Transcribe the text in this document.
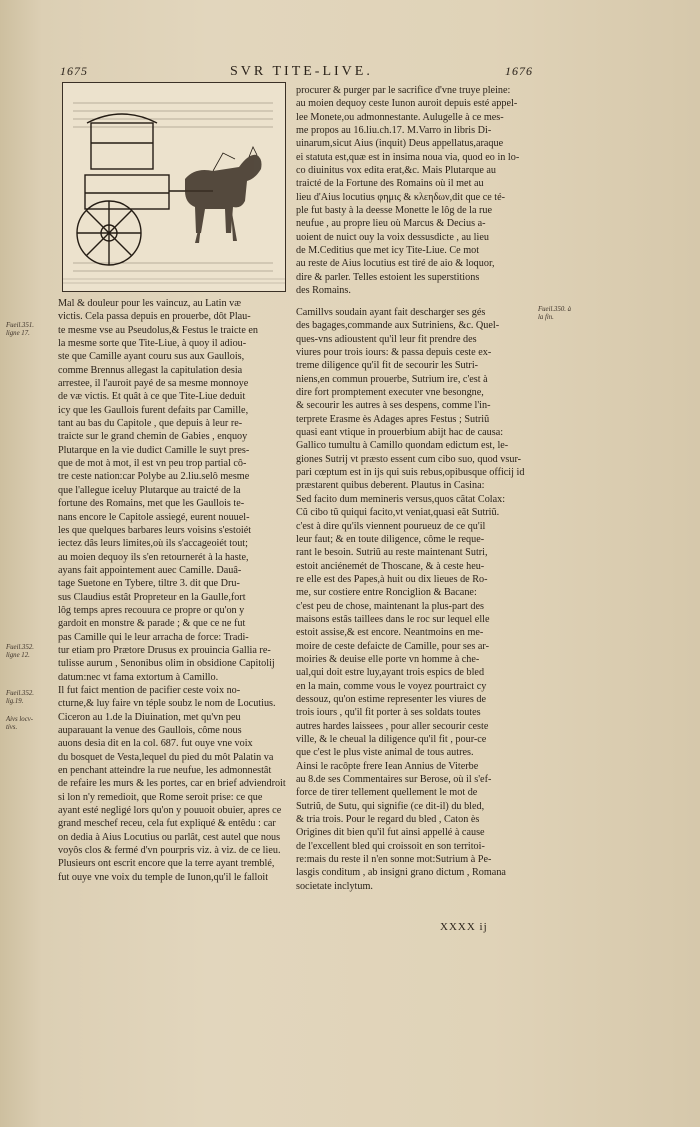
1675	SVR TITE-LIVE.	1676
procurer & purger par le sacrifice d'vne truye pleine:
au moien dequoy ceste Iunon auroit depuis esté appel-
lee Monete,ou admonnestante. Aulugelle à ce mes-
me propos au 16.liu.ch.17. M.Varro in libris Di-
uinarum,sicut Aius (inquit) Deus appellatus,araque
ei statuta est,quæ est in insima noua via, quod eo in lo-
co diuinitus vox edita erat,&c. Mais Plutarque au
traicté de la Fortune des Romains où il met au
lieu d'Aius locutius φημις & κλεηδων,dit que ce té-
ple fut basty à la deesse Monette le lôg de la rue
neufue , au propre lieu où Marcus & Decius a-
uoient de nuict ouy la voix dessusdicte , au lieu
de M.Ceditius que met icy Tite-Liue. Ce mot
au reste de Aius locutius est tiré de aio & loquor,
dire & parler. Telles estoient les superstitions
des Romains.
Mal & douleur pour les vaincuz, au Latin væ
victis. Cela passa depuis en prouerbe, dôt Plau-
te mesme vse au Pseudolus,& Festus le traicte en
la mesme sorte que Tite-Liue, à quoy il adiou-
ste que Camille ayant couru sus aux Gaullois,
comme Brennus allegast la capitulation desia
arrestee, il l'auroit payé de sa mesme monnoye
de væ victis. Et quât à ce que Tite-Liue deduit
icy que les Gaullois furent defaits par Camille,
tant au bas du Capitole , que depuis à leur re-
traicte sur le grand chemin de Gabies , enquoy
Plutarque en la vie dudict Camille le suyt pres-
que de mot à mot, il est vn peu trop partial cô-
tre ceste nation:car Polybe au 2.liu.selô mesme
que l'allegue iceluy Plutarque au traicté de la
fortune des Romains, met que les Gaullois te-
nans encore le Capitole assiegé, eurent nouuel-
les que quelques barbares leurs voisins s'estoiét
iectez dâs leurs limites,où ils s'accageoiét tout;
au moien dequoy ils s'en retournerét à la haste,
ayans fait appointement auec Camille. Dauâ-
tage Suetone en Tybere, tiltre 3. dit que Dru-
sus Claudius estât Propreteur en la Gaulle,fort
lôg temps apres recouura ce propre or qu'on y
gardoit en monstre & parade ; & que ce ne fut
pas Camille qui le leur arracha de force: Tradi-
tur etiam pro Prætore Drusus ex prouincia Gallia re-
tulisse aurum , Senonibus olim in obsidione Capitolij
datum:nec vt fama extortum à Camillo.
Il fut faict mention de pacifier ceste voix no-
cturne,& luy faire vn téple soubz le nom de Locutius.
Ciceron au 1.de la Diuination, met qu'vn peu
auparauant la venue des Gaullois, côme nous
auons desia dit en la col. 687. fut ouye vne voix
du bosquet de Vesta,lequel du pied du môt Palatin va
en penchant atteindre la rue neufue, les admonnestât
de refaire les murs & les portes, car en brief adviendroit
si lon n'y remedioit, que Rome seroit prise: ce que
ayant esté negligé lors qu'on y pouuoit obuier, apres ce
grand meschef receu, cela fut expliqué & entêdu : car
on dedia à Aius Locutius ou parlât, cest autel que nous
voyôs clos & fermé d'vn pourpris viz. à viz. de ce lieu.
Plusieurs ont escrit encore que la terre ayant tremblé,
fut ouye vne voix du temple de Iunon,qu'il le falloit
Camillvs soudain ayant fait descharger ses gés
des bagages,commande aux Sutriniens, &c. Quel-
ques-vns adioustent qu'il leur fit prendre des
viures pour trois iours: & passa depuis ceste ex-
treme diligence qu'il fit de secourir les Sutri-
niens,en commun prouerbe, Sutrium ire, c'est à
dire fort promptement executer vne besongne,
& secourir les autres à ses despens, comme l'in-
terprete Erasme ès Adages apres Festus ; Sutriũ
quasi eant vtique in prouerbium abijt hac de causa:
Gallico tumultu à Camillo quondam edictum est, le-
giones Sutrij vt præsto essent cum cibo suo, quod vsur-
pari cœptum est in ijs qui suis rebus,opibusque officij id
præstarent quibus deberent. Plautus in Casina:
Sed facito dum memineris versus,quos cãtat Colax:
Cũ cibo tũ quiqui facito,vt veniat,quasi eãt Sutriũ.
c'est à dire qu'ils viennent pourueuz de ce qu'il
leur faut; & en toute diligence, côme le reque-
rant le besoin. Sutriũ au reste maintenant Sutri,
estoit anciénemét de Thoscane, & à ceste heu-
re elle est des Papes,à huit ou dix lieues de Ro-
me, sur costiere entre Ronciglion & Bacane:
c'est peu de chose, maintenant la plus-part des
maisons estâs taillees dans le roc sur lequel elle
estoit assise,& est encore. Neantmoins en me-
moire de ceste defaicte de Camille, pour ses ar-
moiries & deuise elle porte vn homme à che-
ual,qui doit estre luy,ayant trois espics de bled
en la main, comme vous le voyez pourtraict cy
dessouz, qu'on estime representer les viures de
trois iours , qu'il fit porter à ses soldats toutes
autres hardes laissees , pour aller secourir ceste
ville, & le cheual la diligence qu'il fit , pour-ce
que c'est le plus viste animal de tous autres.
Ainsi le racôpte frere Iean Annius de Viterbe
au 8.de ses Commentaires sur Berose, où il s'ef-
force de tirer tellement quellement le mot de
Sutriũ, de Sutu, qui signifie (ce dit-il) du bled,
& tria trois. Pour le regard du bled , Caton ès
Origines dit bien qu'il fut ainsi appellé à cause
de l'excellent bled qui croissoit en son territoi-
re:mais du reste il n'en sonne mot:Sutrium à Pe-
lasgis conditum , ab insigni grano dictum , Romana
societate inclytum.
Fueil.351. ligne 17.
Fueil.352. ligne 12.
Fueil.352. lig.19.
Aivs locv-tivs.
Fueil.350. à la fin.
XXXX ij
